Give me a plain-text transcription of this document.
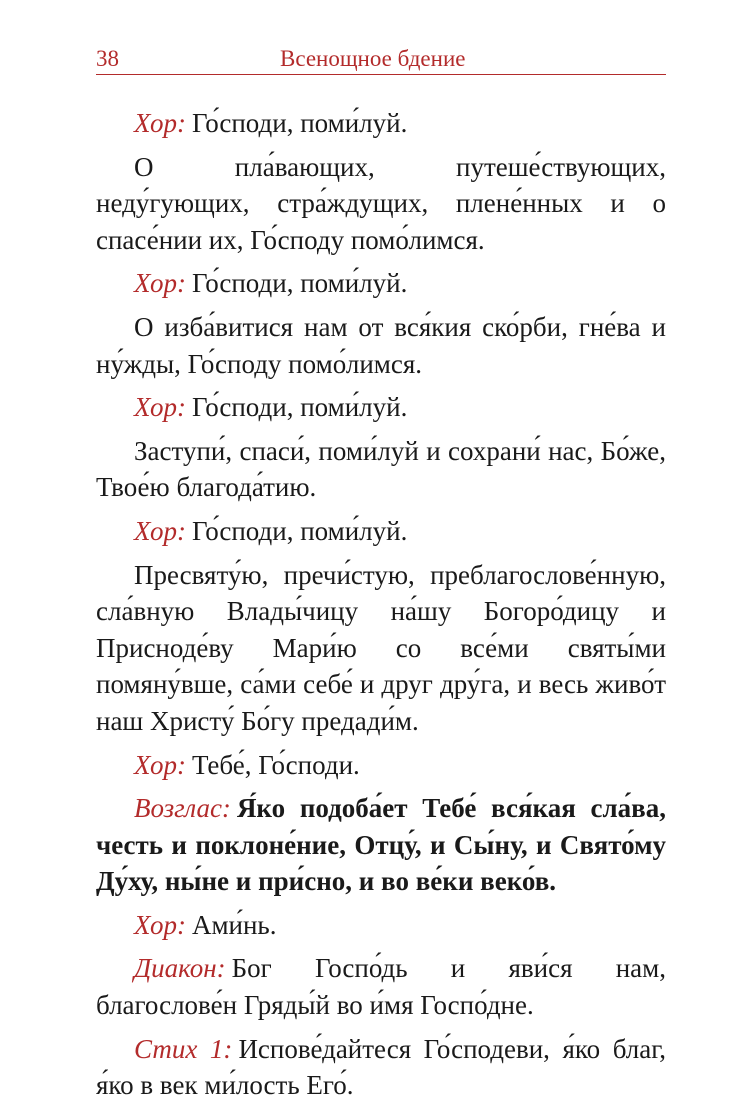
38	Всенощное бдение

Хор: Го́споди, поми́луй.

О пла́вающих, путеше́ствующих, неду́гующих, стра́ждущих, плене́нных и о спасе́нии их, Го́споду помо́лимся.

Хор: Го́споди, поми́луй.

О изба́витися нам от вся́кия ско́рби, гне́ва и ну́жды, Го́споду помо́лимся.

Хор: Го́споди, поми́луй.

Заступи́, спаси́, поми́луй и сохрани́ нас, Бо́же, Твое́ю благода́тию.

Хор: Го́споди, поми́луй.

Пресвяту́ю, пречи́стую, преблагослове́нную, сла́вную Влады́чицу на́шу Богоро́дицу и Присноде́ву Мари́ю со все́ми святы́ми помяну́вше, са́ми себе́ и друг дру́га, и весь живо́т наш Христу́ Бо́гу предади́м.

Хор: Тебе́, Го́споди.

Возглас: Я́ко подоба́ет Тебе́ вся́кая сла́ва, честь и поклоне́ние, Отцу́, и Сы́ну, и Свято́му Ду́ху, ны́не и при́сно, и во ве́ки веко́в.

Хор: Ами́нь.

Диакон: Бог Госпо́дь и яви́ся нам, благослове́н Гряды́й во и́мя Госпо́дне.

Стих 1: Испове́дайтеся Го́сподеви, я́ко благ, я́ко в век ми́лость Его́.
